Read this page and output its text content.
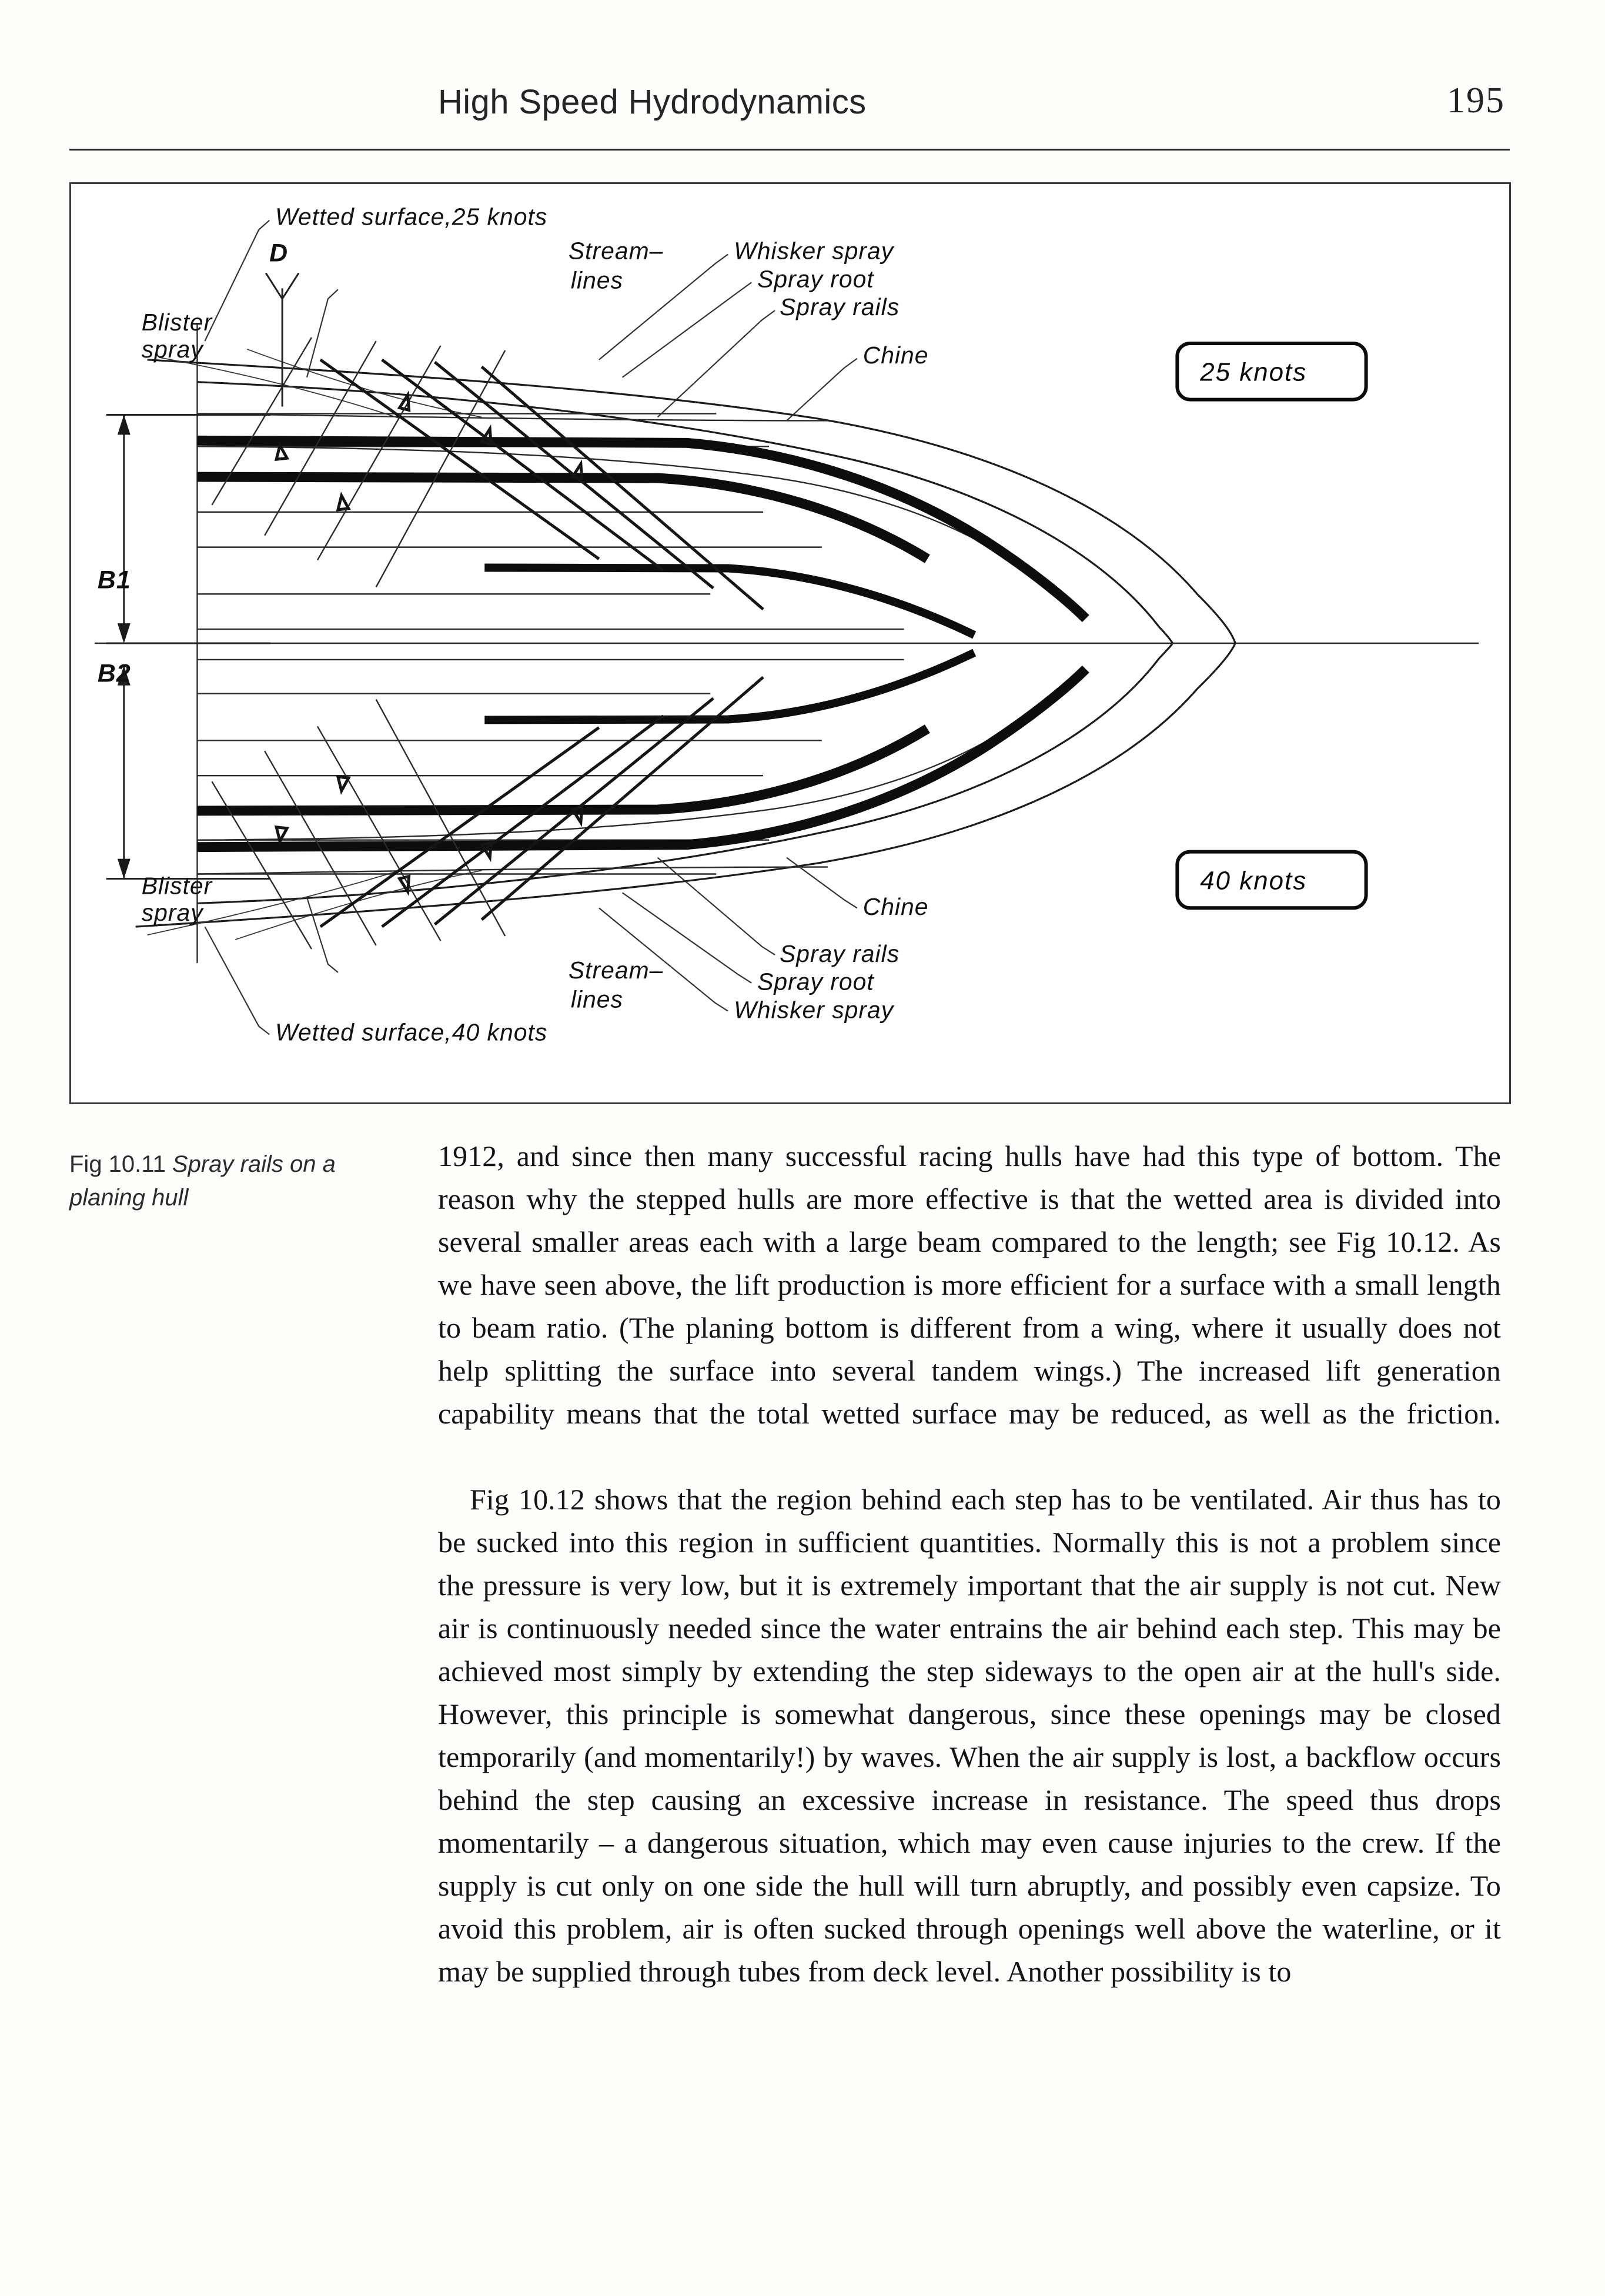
High Speed Hydrodynamics	195
B1
B2
D
Wetted surface,25 knots
Whisker spray
Stream–
Spray root
lines
Spray rails
Chine
Blister
spray
Chine
Spray rails
Spray root
Whisker spray
Stream–
lines
Wetted surface,40 knots
Blister
spray
25 knots
40 knots
Fig 10.11 Spray rails on a planing hull

1912, and since then many successful racing hulls have had this type of bottom. The reason why the stepped hulls are more effective is that the wetted area is divided into several smaller areas each with a large beam compared to the length; see Fig 10.12. As we have seen above, the lift production is more efficient for a surface with a small length to beam ratio. (The planing bottom is different from a wing, where it usually does not help splitting the surface into several tandem wings.) The increased lift generation capability means that the total wetted surface may be reduced, as well as the friction.

Fig 10.12 shows that the region behind each step has to be ventilated. Air thus has to be sucked into this region in sufficient quantities. Normally this is not a problem since the pressure is very low, but it is extremely important that the air supply is not cut. New air is continuously needed since the water entrains the air behind each step. This may be achieved most simply by extending the step sideways to the open air at the hull's side. However, this principle is somewhat dangerous, since these openings may be closed temporarily (and momentarily!) by waves. When the air supply is lost, a backflow occurs behind the step causing an excessive increase in resistance. The speed thus drops momentarily – a dangerous situation, which may even cause injuries to the crew. If the supply is cut only on one side the hull will turn abruptly, and possibly even capsize. To avoid this problem, air is often sucked through openings well above the waterline, or it may be supplied through tubes from deck level. Another possibility is to
